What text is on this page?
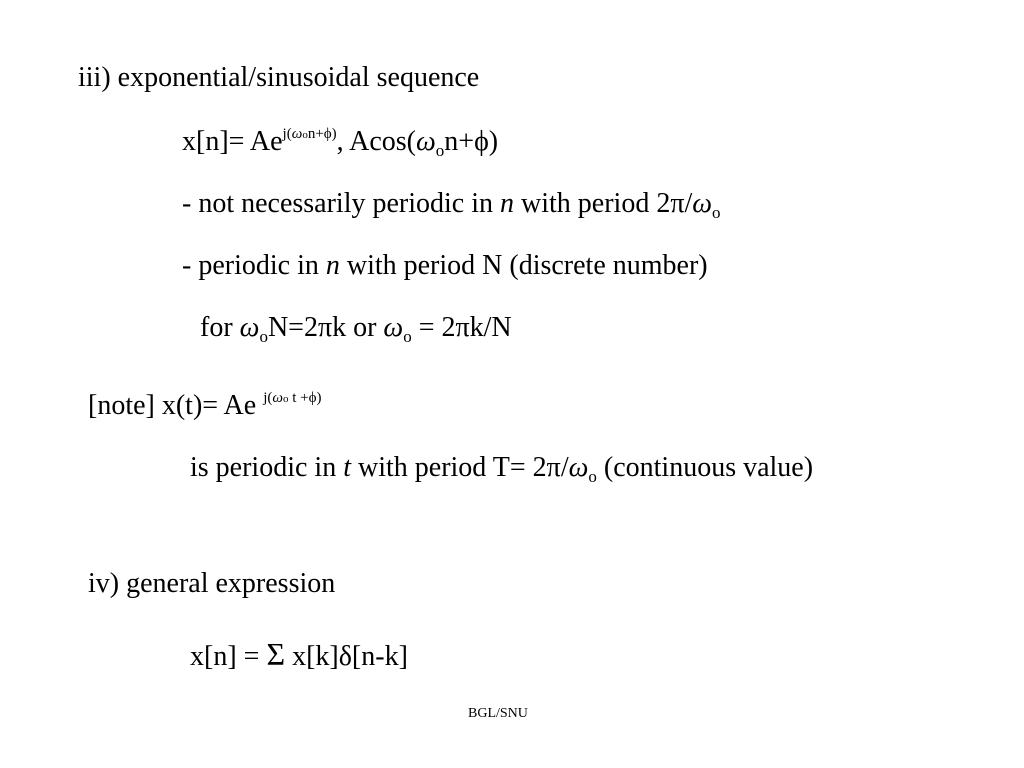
iii) exponential/sinusoidal sequence
$x[n]= Ae^{j(\omega on+\phi)}$, $Acos(\omega_on+\phi)$
- not necessarily periodic in n with period $2\pi/\omega_o$
- periodic in n with period N (discrete number)
for $\omega_oN=2\pi k$ or $\omega_o = 2\pi k/N$
[note] x(t)= Ae $^{j(\omega o t +\phi)}$
is periodic in t with period $T= 2\pi/\omega_o$ (continuous value)
iv) general expression
x[n] = Σ x[k]δ[n-k]
BGL/SNU
